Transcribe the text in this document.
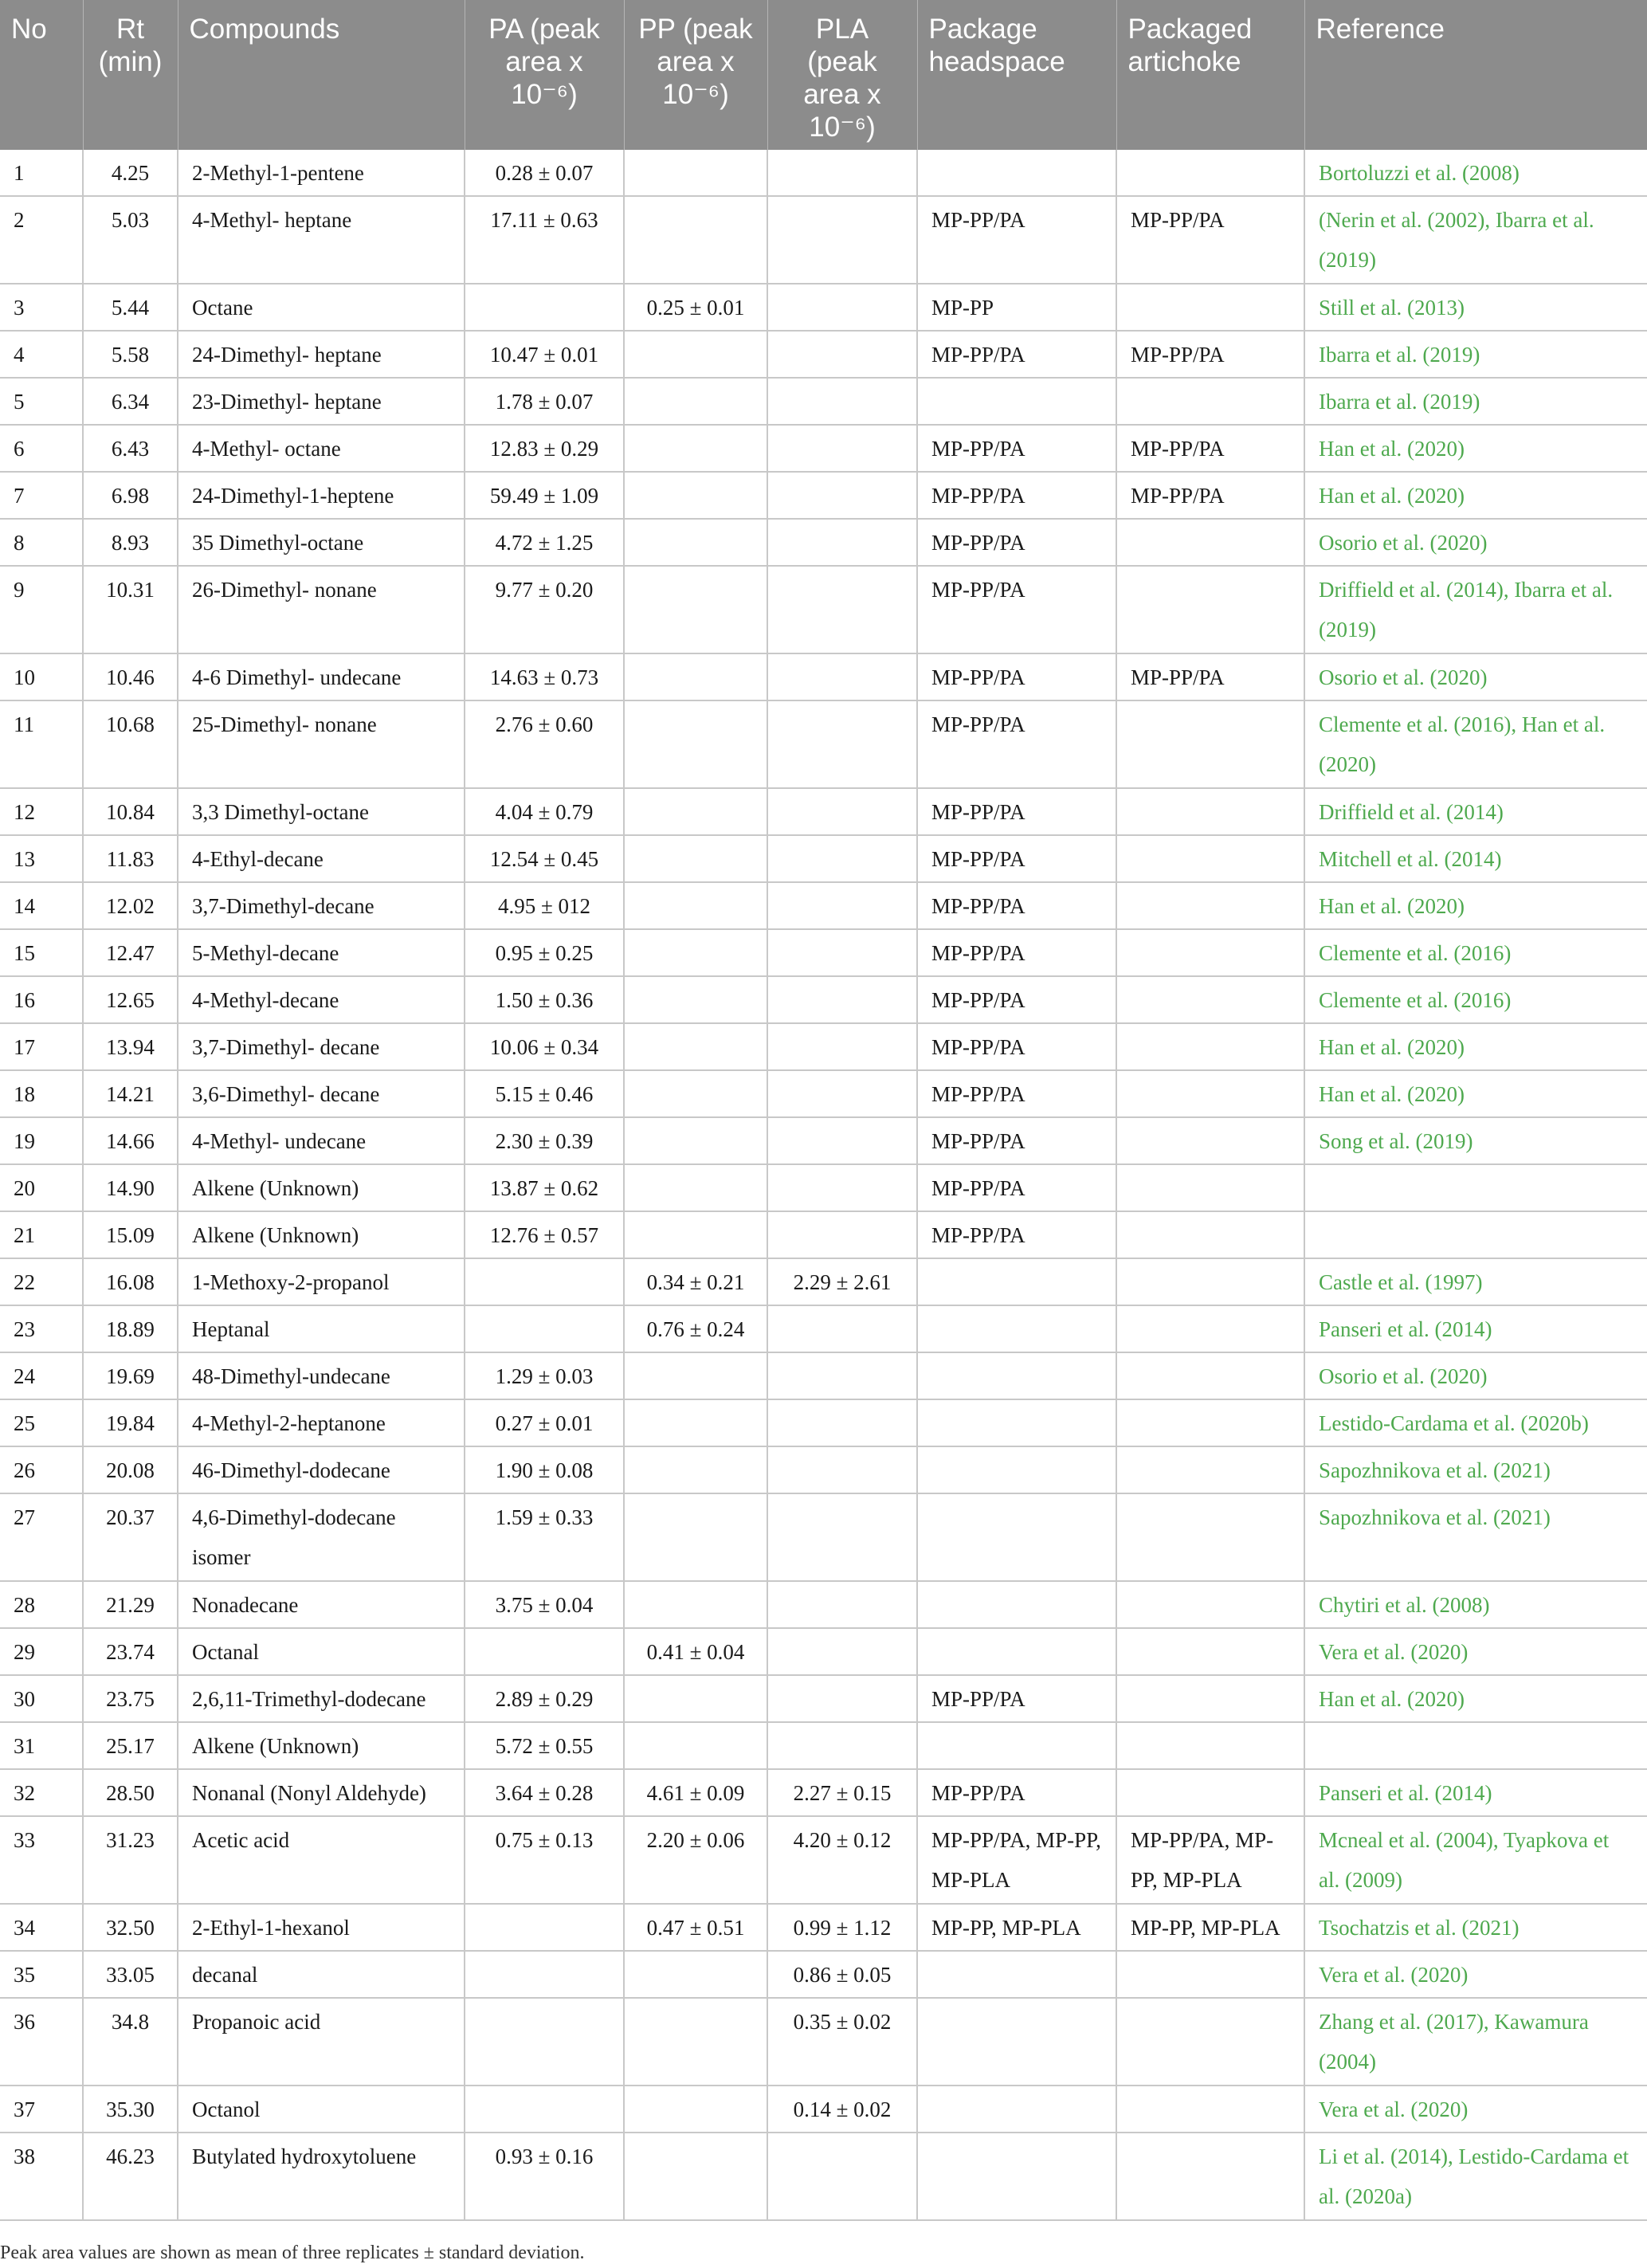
No	Rt (min)	Compounds	PA (peak area x 10⁻⁶)	PP (peak area x 10⁻⁶)	PLA (peak area x 10⁻⁶)	Package headspace	Packaged artichoke	Reference
1	4.25	2-Methyl-1-pentene	0.28 ± 0.07					Bortoluzzi et al. (2008)
2	5.03	4-Methyl- heptane	17.11 ± 0.63			MP-PP/PA	MP-PP/PA	(Nerin et al. (2002), Ibarra et al. (2019)
3	5.44	Octane		0.25 ± 0.01		MP-PP		Still et al. (2013)
4	5.58	24-Dimethyl- heptane	10.47 ± 0.01			MP-PP/PA	MP-PP/PA	Ibarra et al. (2019)
5	6.34	23-Dimethyl- heptane	1.78 ± 0.07					Ibarra et al. (2019)
6	6.43	4-Methyl- octane	12.83 ± 0.29			MP-PP/PA	MP-PP/PA	Han et al. (2020)
7	6.98	24-Dimethyl-1-heptene	59.49 ± 1.09			MP-PP/PA	MP-PP/PA	Han et al. (2020)
8	8.93	35 Dimethyl-octane	4.72 ± 1.25			MP-PP/PA		Osorio et al. (2020)
9	10.31	26-Dimethyl- nonane	9.77 ± 0.20			MP-PP/PA		Driffield et al. (2014), Ibarra et al. (2019)
10	10.46	4-6 Dimethyl- undecane	14.63 ± 0.73			MP-PP/PA	MP-PP/PA	Osorio et al. (2020)
11	10.68	25-Dimethyl- nonane	2.76 ± 0.60			MP-PP/PA		Clemente et al. (2016), Han et al. (2020)
12	10.84	3,3 Dimethyl-octane	4.04 ± 0.79			MP-PP/PA		Driffield et al. (2014)
13	11.83	4-Ethyl-decane	12.54 ± 0.45			MP-PP/PA		Mitchell et al. (2014)
14	12.02	3,7-Dimethyl-decane	4.95 ± 012			MP-PP/PA		Han et al. (2020)
15	12.47	5-Methyl-decane	0.95 ± 0.25			MP-PP/PA		Clemente et al. (2016)
16	12.65	4-Methyl-decane	1.50 ± 0.36			MP-PP/PA		Clemente et al. (2016)
17	13.94	3,7-Dimethyl- decane	10.06 ± 0.34			MP-PP/PA		Han et al. (2020)
18	14.21	3,6-Dimethyl- decane	5.15 ± 0.46			MP-PP/PA		Han et al. (2020)
19	14.66	4-Methyl- undecane	2.30 ± 0.39			MP-PP/PA		Song et al. (2019)
20	14.90	Alkene (Unknown)	13.87 ± 0.62			MP-PP/PA		
21	15.09	Alkene (Unknown)	12.76 ± 0.57			MP-PP/PA		
22	16.08	1-Methoxy-2-propanol		0.34 ± 0.21	2.29 ± 2.61			Castle et al. (1997)
23	18.89	Heptanal		0.76 ± 0.24				Panseri et al. (2014)
24	19.69	48-Dimethyl-undecane	1.29 ± 0.03					Osorio et al. (2020)
25	19.84	4-Methyl-2-heptanone	0.27 ± 0.01					Lestido-Cardama et al. (2020b)
26	20.08	46-Dimethyl-dodecane	1.90 ± 0.08					Sapozhnikova et al. (2021)
27	20.37	4,6-Dimethyl-dodecane isomer	1.59 ± 0.33					Sapozhnikova et al. (2021)
28	21.29	Nonadecane	3.75 ± 0.04					Chytiri et al. (2008)
29	23.74	Octanal		0.41 ± 0.04				Vera et al. (2020)
30	23.75	2,6,11-Trimethyl-dodecane	2.89 ± 0.29			MP-PP/PA		Han et al. (2020)
31	25.17	Alkene (Unknown)	5.72 ± 0.55					
32	28.50	Nonanal (Nonyl Aldehyde)	3.64 ± 0.28	4.61 ± 0.09	2.27 ± 0.15	MP-PP/PA		Panseri et al. (2014)
33	31.23	Acetic acid	0.75 ± 0.13	2.20 ± 0.06	4.20 ± 0.12	MP-PP/PA, MP-PP, MP-PLA	MP-PP/PA, MP-PP, MP-PLA	Mcneal et al. (2004), Tyapkova et al. (2009)
34	32.50	2-Ethyl-1-hexanol		0.47 ± 0.51	0.99 ± 1.12	MP-PP, MP-PLA	MP-PP, MP-PLA	Tsochatzis et al. (2021)
35	33.05	decanal			0.86 ± 0.05			Vera et al. (2020)
36	34.8	Propanoic acid			0.35 ± 0.02			Zhang et al. (2017), Kawamura (2004)
37	35.30	Octanol			0.14 ± 0.02			Vera et al. (2020)
38	46.23	Butylated hydroxytoluene	0.93 ± 0.16					Li et al. (2014), Lestido-Cardama et al. (2020a)
Peak area values are shown as mean of three replicates ± standard deviation.
